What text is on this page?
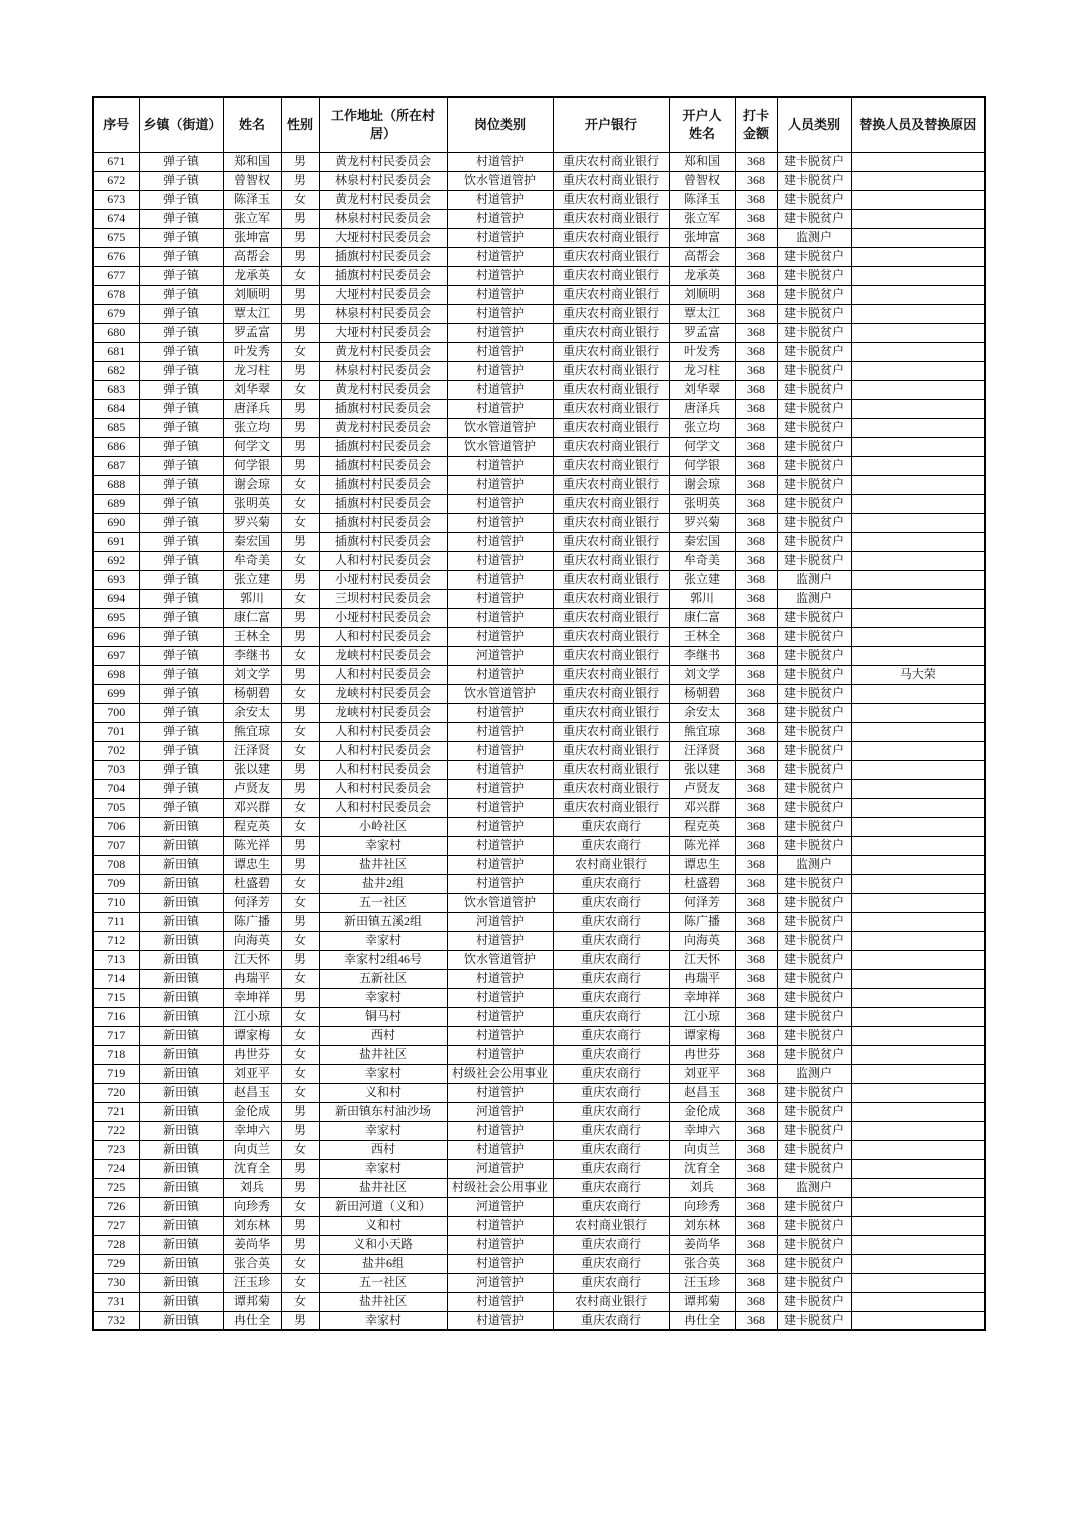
序号	乡镇（街道）	姓名	性别	工作地址（所在村居）	岗位类别	开户银行	开户人姓名	打卡金额	人员类别	替换人员及替换原因
671	弹子镇	郑和国	男	黄龙村村民委员会	村道管护	重庆农村商业银行	郑和国	368	建卡脱贫户	
672	弹子镇	曾智权	男	林泉村村民委员会	饮水管道管护	重庆农村商业银行	曾智权	368	建卡脱贫户	
673	弹子镇	陈泽玉	女	黄龙村村民委员会	村道管护	重庆农村商业银行	陈泽玉	368	建卡脱贫户	
674	弹子镇	张立军	男	林泉村村民委员会	村道管护	重庆农村商业银行	张立军	368	建卡脱贫户	
675	弹子镇	张坤富	男	大垭村村民委员会	村道管护	重庆农村商业银行	张坤富	368	监测户	
676	弹子镇	高帮会	男	插旗村村民委员会	村道管护	重庆农村商业银行	高帮会	368	建卡脱贫户	
677	弹子镇	龙承英	女	插旗村村民委员会	村道管护	重庆农村商业银行	龙承英	368	建卡脱贫户	
678	弹子镇	刘顺明	男	大垭村村民委员会	村道管护	重庆农村商业银行	刘顺明	368	建卡脱贫户	
679	弹子镇	覃太江	男	林泉村村民委员会	村道管护	重庆农村商业银行	覃太江	368	建卡脱贫户	
680	弹子镇	罗孟富	男	大垭村村民委员会	村道管护	重庆农村商业银行	罗孟富	368	建卡脱贫户	
681	弹子镇	叶发秀	女	黄龙村村民委员会	村道管护	重庆农村商业银行	叶发秀	368	建卡脱贫户	
682	弹子镇	龙习柱	男	林泉村村民委员会	村道管护	重庆农村商业银行	龙习柱	368	建卡脱贫户	
683	弹子镇	刘华翠	女	黄龙村村民委员会	村道管护	重庆农村商业银行	刘华翠	368	建卡脱贫户	
684	弹子镇	唐泽兵	男	插旗村村民委员会	村道管护	重庆农村商业银行	唐泽兵	368	建卡脱贫户	
685	弹子镇	张立均	男	黄龙村村民委员会	饮水管道管护	重庆农村商业银行	张立均	368	建卡脱贫户	
686	弹子镇	何学文	男	插旗村村民委员会	饮水管道管护	重庆农村商业银行	何学文	368	建卡脱贫户	
687	弹子镇	何学银	男	插旗村村民委员会	村道管护	重庆农村商业银行	何学银	368	建卡脱贫户	
688	弹子镇	谢会琼	女	插旗村村民委员会	村道管护	重庆农村商业银行	谢会琼	368	建卡脱贫户	
689	弹子镇	张明英	女	插旗村村民委员会	村道管护	重庆农村商业银行	张明英	368	建卡脱贫户	
690	弹子镇	罗兴菊	女	插旗村村民委员会	村道管护	重庆农村商业银行	罗兴菊	368	建卡脱贫户	
691	弹子镇	秦宏国	男	插旗村村民委员会	村道管护	重庆农村商业银行	秦宏国	368	建卡脱贫户	
692	弹子镇	牟奇美	女	人和村村民委员会	村道管护	重庆农村商业银行	牟奇美	368	建卡脱贫户	
693	弹子镇	张立建	男	小垭村村民委员会	村道管护	重庆农村商业银行	张立建	368	监测户	
694	弹子镇	郭川	女	三坝村村民委员会	村道管护	重庆农村商业银行	郭川	368	监测户	
695	弹子镇	康仁富	男	小垭村村民委员会	村道管护	重庆农村商业银行	康仁富	368	建卡脱贫户	
696	弹子镇	王林全	男	人和村村民委员会	村道管护	重庆农村商业银行	王林全	368	建卡脱贫户	
697	弹子镇	李继书	女	龙峡村村民委员会	河道管护	重庆农村商业银行	李继书	368	建卡脱贫户	
698	弹子镇	刘文学	男	人和村村民委员会	村道管护	重庆农村商业银行	刘文学	368	建卡脱贫户	马大荣
699	弹子镇	杨朝碧	女	龙峡村村民委员会	饮水管道管护	重庆农村商业银行	杨朝碧	368	建卡脱贫户	
700	弹子镇	余安太	男	龙峡村村民委员会	村道管护	重庆农村商业银行	余安太	368	建卡脱贫户	
701	弹子镇	熊宜琼	女	人和村村民委员会	村道管护	重庆农村商业银行	熊宜琼	368	建卡脱贫户	
702	弹子镇	汪泽贤	女	人和村村民委员会	村道管护	重庆农村商业银行	汪泽贤	368	建卡脱贫户	
703	弹子镇	张以建	男	人和村村民委员会	村道管护	重庆农村商业银行	张以建	368	建卡脱贫户	
704	弹子镇	卢贤友	男	人和村村民委员会	村道管护	重庆农村商业银行	卢贤友	368	建卡脱贫户	
705	弹子镇	邓兴群	女	人和村村民委员会	村道管护	重庆农村商业银行	邓兴群	368	建卡脱贫户	
706	新田镇	程克英	女	小岭社区	村道管护	重庆农商行	程克英	368	建卡脱贫户	
707	新田镇	陈光祥	男	幸家村	村道管护	重庆农商行	陈光祥	368	建卡脱贫户	
708	新田镇	谭忠生	男	盐井社区	村道管护	农村商业银行	谭忠生	368	监测户	
709	新田镇	杜盛碧	女	盐井2组	村道管护	重庆农商行	杜盛碧	368	建卡脱贫户	
710	新田镇	何泽芳	女	五一社区	饮水管道管护	重庆农商行	何泽芳	368	建卡脱贫户	
711	新田镇	陈广播	男	新田镇五溪2组	河道管护	重庆农商行	陈广播	368	建卡脱贫户	
712	新田镇	向海英	女	幸家村	村道管护	重庆农商行	向海英	368	建卡脱贫户	
713	新田镇	江天怀	男	幸家村2组46号	饮水管道管护	重庆农商行	江天怀	368	建卡脱贫户	
714	新田镇	冉瑞平	女	五新社区	村道管护	重庆农商行	冉瑞平	368	建卡脱贫户	
715	新田镇	幸坤祥	男	幸家村	村道管护	重庆农商行	幸坤祥	368	建卡脱贫户	
716	新田镇	江小琼	女	铜马村	村道管护	重庆农商行	江小琼	368	建卡脱贫户	
717	新田镇	谭家梅	女	西村	村道管护	重庆农商行	谭家梅	368	建卡脱贫户	
718	新田镇	冉世芬	女	盐井社区	村道管护	重庆农商行	冉世芬	368	建卡脱贫户	
719	新田镇	刘亚平	女	幸家村	村级社会公用事业	重庆农商行	刘亚平	368	监测户	
720	新田镇	赵昌玉	女	义和村	村道管护	重庆农商行	赵昌玉	368	建卡脱贫户	
721	新田镇	金伦成	男	新田镇东村油沙场	河道管护	重庆农商行	金伦成	368	建卡脱贫户	
722	新田镇	幸坤六	男	幸家村	村道管护	重庆农商行	幸坤六	368	建卡脱贫户	
723	新田镇	向贞兰	女	西村	村道管护	重庆农商行	向贞兰	368	建卡脱贫户	
724	新田镇	沈育全	男	幸家村	河道管护	重庆农商行	沈育全	368	建卡脱贫户	
725	新田镇	刘兵	男	盐井社区	村级社会公用事业	重庆农商行	刘兵	368	监测户	
726	新田镇	向珍秀	女	新田河道（义和）	河道管护	重庆农商行	向珍秀	368	建卡脱贫户	
727	新田镇	刘东林	男	义和村	村道管护	农村商业银行	刘东林	368	建卡脱贫户	
728	新田镇	姜尚华	男	义和小天路	村道管护	重庆农商行	姜尚华	368	建卡脱贫户	
729	新田镇	张合英	女	盐井6组	村道管护	重庆农商行	张合英	368	建卡脱贫户	
730	新田镇	汪玉珍	女	五一社区	河道管护	重庆农商行	汪玉珍	368	建卡脱贫户	
731	新田镇	谭邦菊	女	盐井社区	村道管护	农村商业银行	谭邦菊	368	建卡脱贫户	
732	新田镇	冉仕全	男	幸家村	村道管护	重庆农商行	冉仕全	368	建卡脱贫户	
